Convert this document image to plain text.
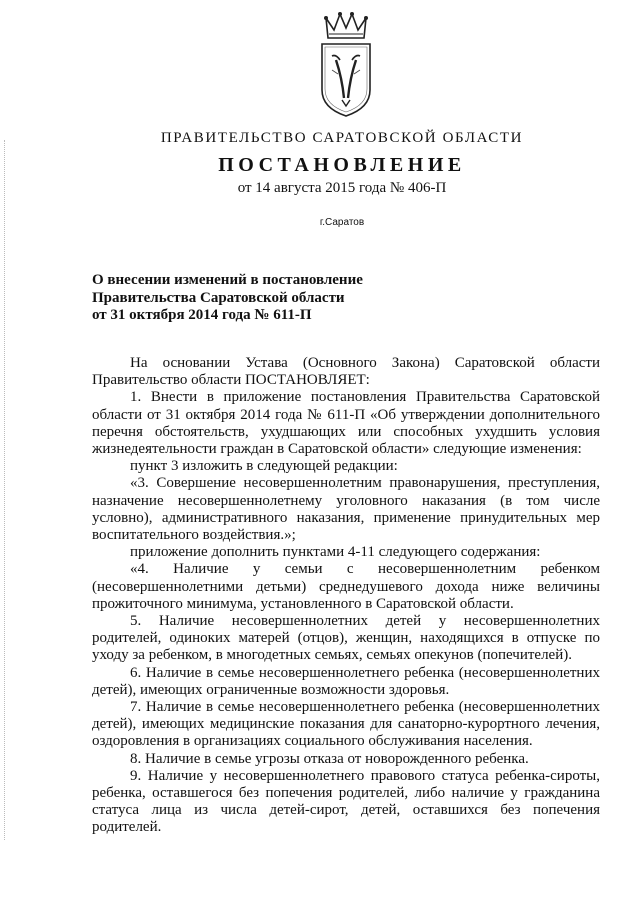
ПРАВИТЕЛЬСТВО САРАТОВСКОЙ ОБЛАСТИ
ПОСТАНОВЛЕНИЕ
от 14 августа 2015 года № 406-П
г.Саратов
О внесении изменений в постановление
Правительства Саратовской области
от 31 октября 2014 года № 611-П

На основании Устава (Основного Закона) Саратовской области Правительство области ПОСТАНОВЛЯЕТ:

1. Внести в приложение постановления Правительства Саратовской области от 31 октября 2014 года № 611-П «Об утверждении дополнительного перечня обстоятельств, ухудшающих или способных ухудшить условия жизнедеятельности граждан в Саратовской области» следующие изменения:

пункт 3 изложить в следующей редакции:

«3. Совершение несовершеннолетним правонарушения, преступления, назначение несовершеннолетнему уголовного наказания (в том числе условно), административного наказания, применение принудительных мер воспитательного воздействия.»;

приложение дополнить пунктами 4-11 следующего содержания:

«4. Наличие у семьи с несовершеннолетним ребенком (несовершеннолетними детьми) среднедушевого дохода ниже величины прожиточного минимума, установленного в Саратовской области.

5. Наличие несовершеннолетних детей у несовершеннолетних родителей, одиноких матерей (отцов), женщин, находящихся в отпуске по уходу за ребенком, в многодетных семьях, семьях опекунов (попечителей).

6. Наличие в семье несовершеннолетнего ребенка (несовершеннолетних детей), имеющих ограниченные возможности здоровья.

7. Наличие в семье несовершеннолетнего ребенка (несовершеннолетних детей), имеющих медицинские показания для санаторно-курортного лечения, оздоровления в организациях социального обслуживания населения.

8. Наличие в семье угрозы отказа от новорожденного ребенка.

9. Наличие у несовершеннолетнего правового статуса ребенка-сироты, ребенка, оставшегося без попечения родителей, либо наличие у гражданина статуса лица из числа детей-сирот, детей, оставшихся без попечения родителей.
